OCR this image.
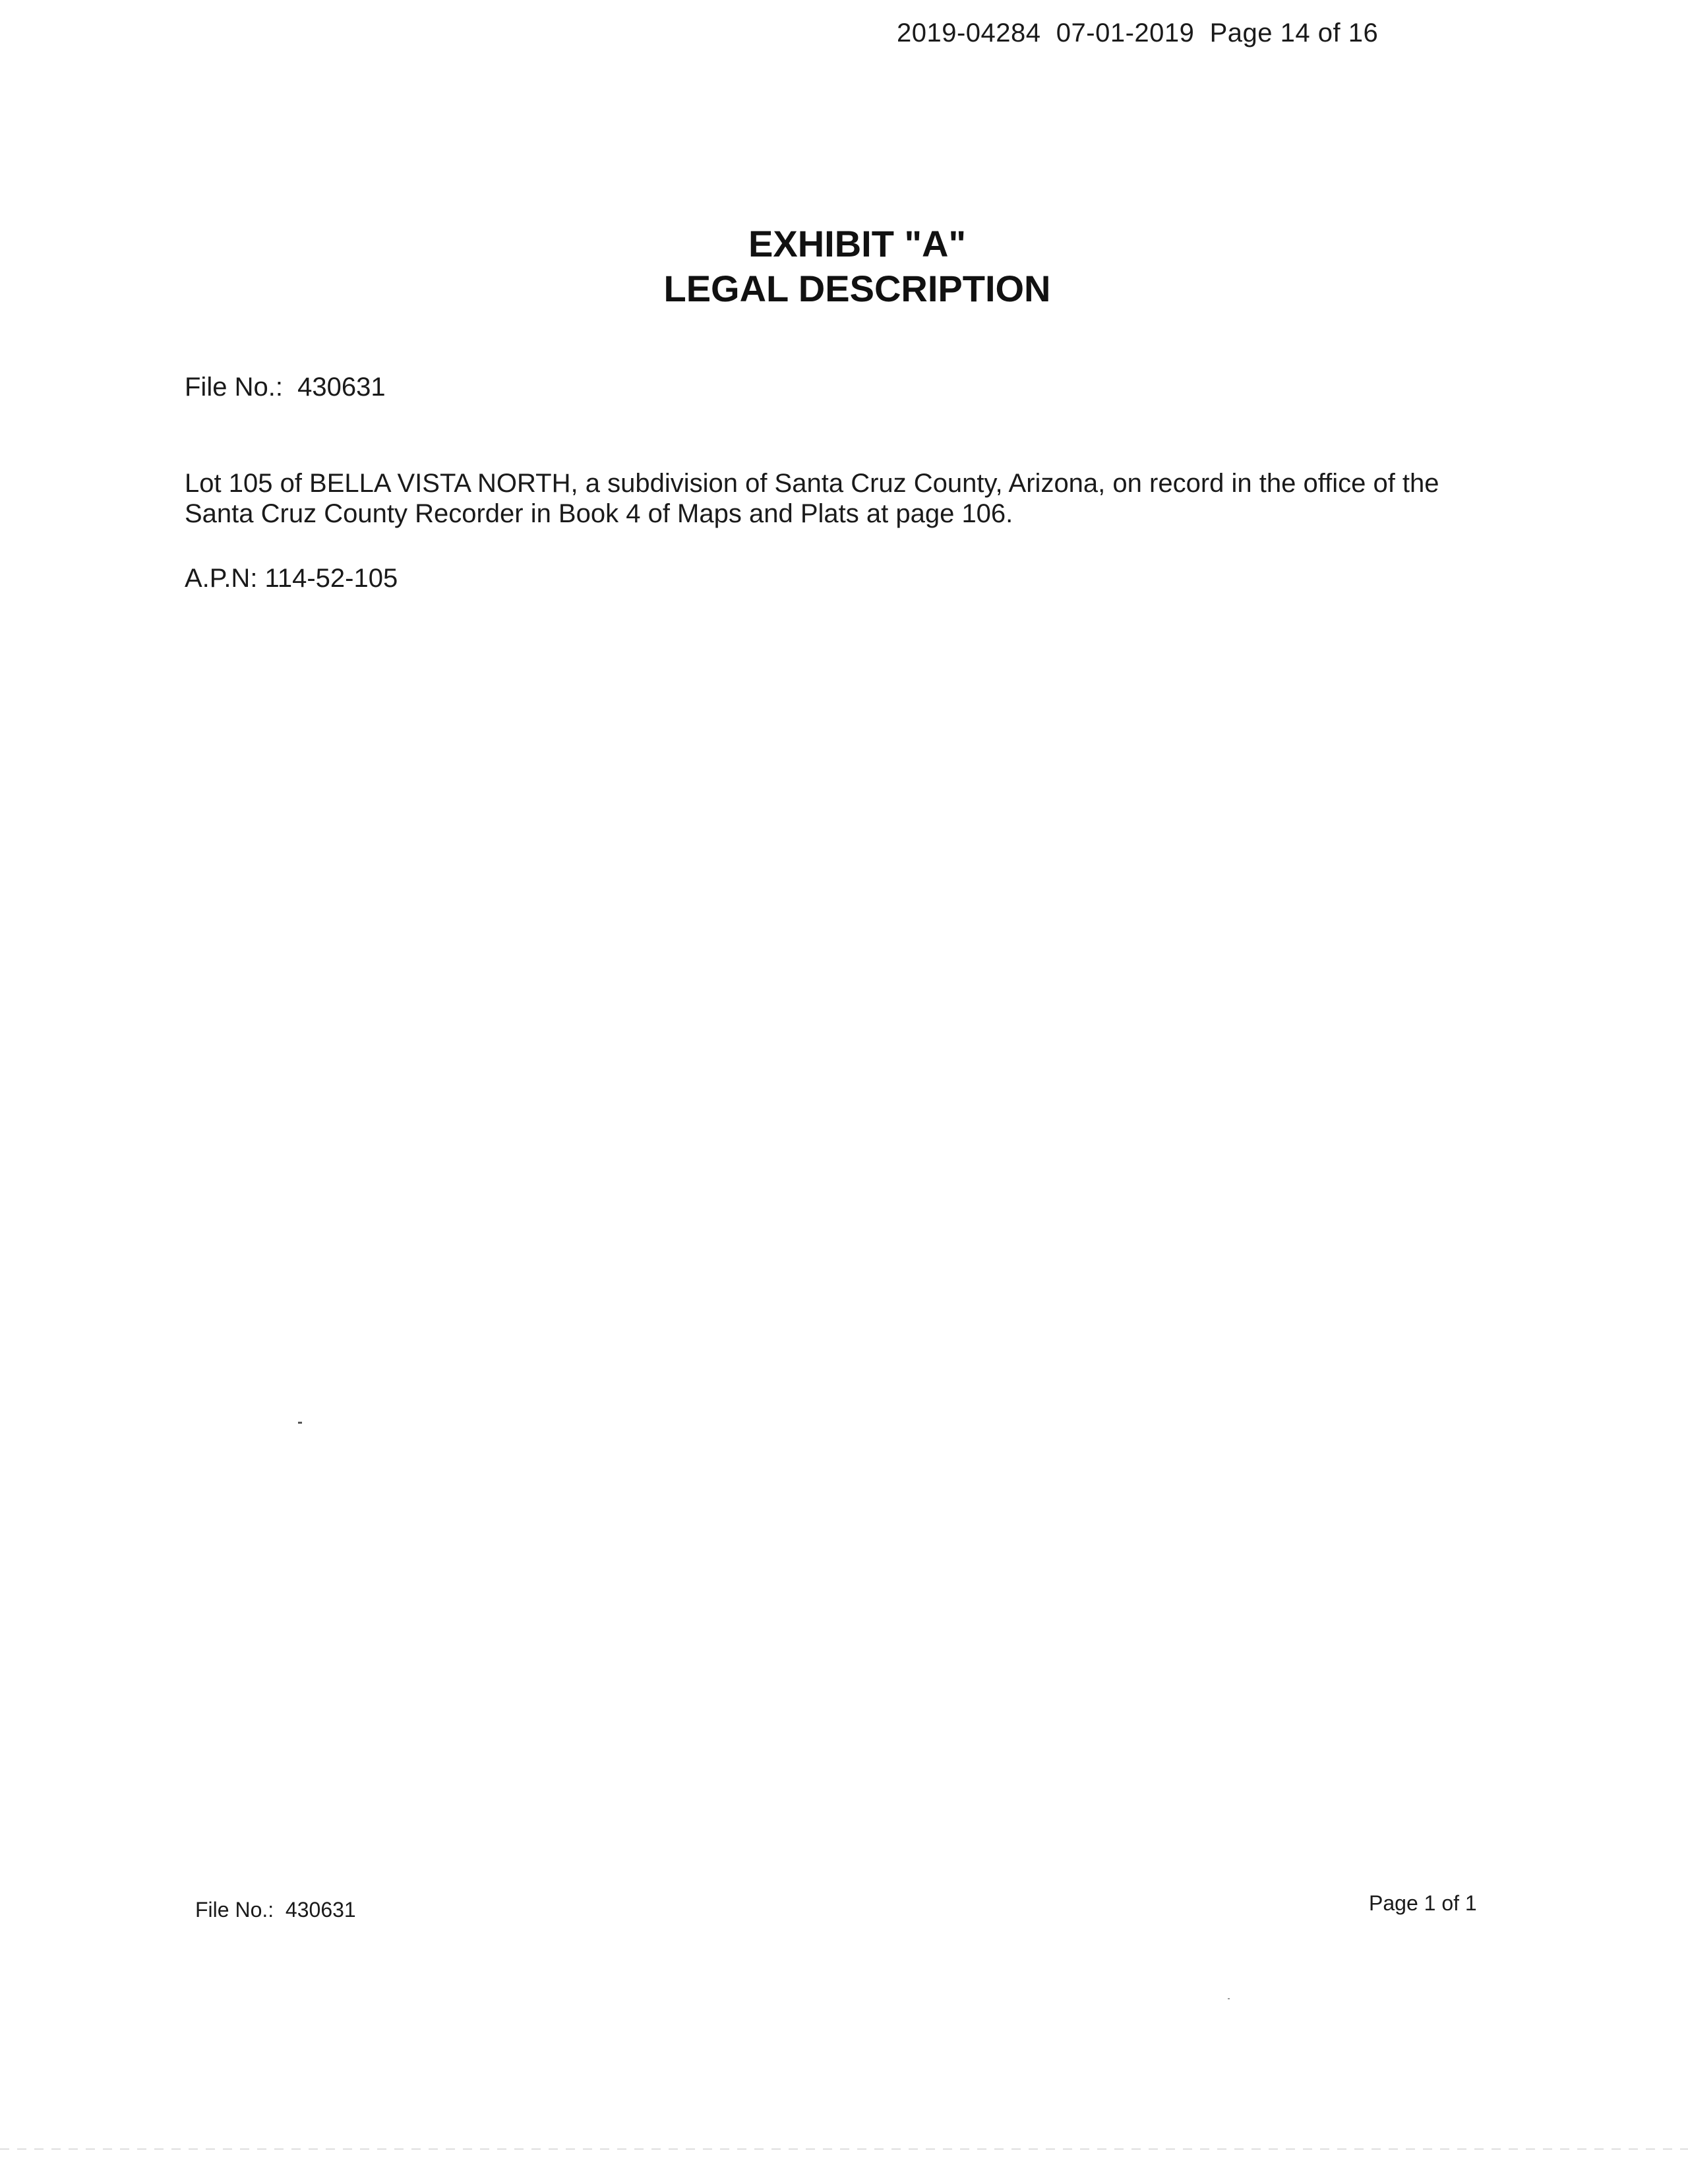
2019-04284  07-01-2019  Page 14 of 16
EXHIBIT "A"
LEGAL DESCRIPTION
File No.:  430631
Lot 105 of BELLA VISTA NORTH, a subdivision of Santa Cruz County, Arizona, on record in the office of the Santa Cruz County Recorder in Book 4 of Maps and Plats at page 106.
A.P.N: 114-52-105
File No.:  430631	Page 1 of 1
